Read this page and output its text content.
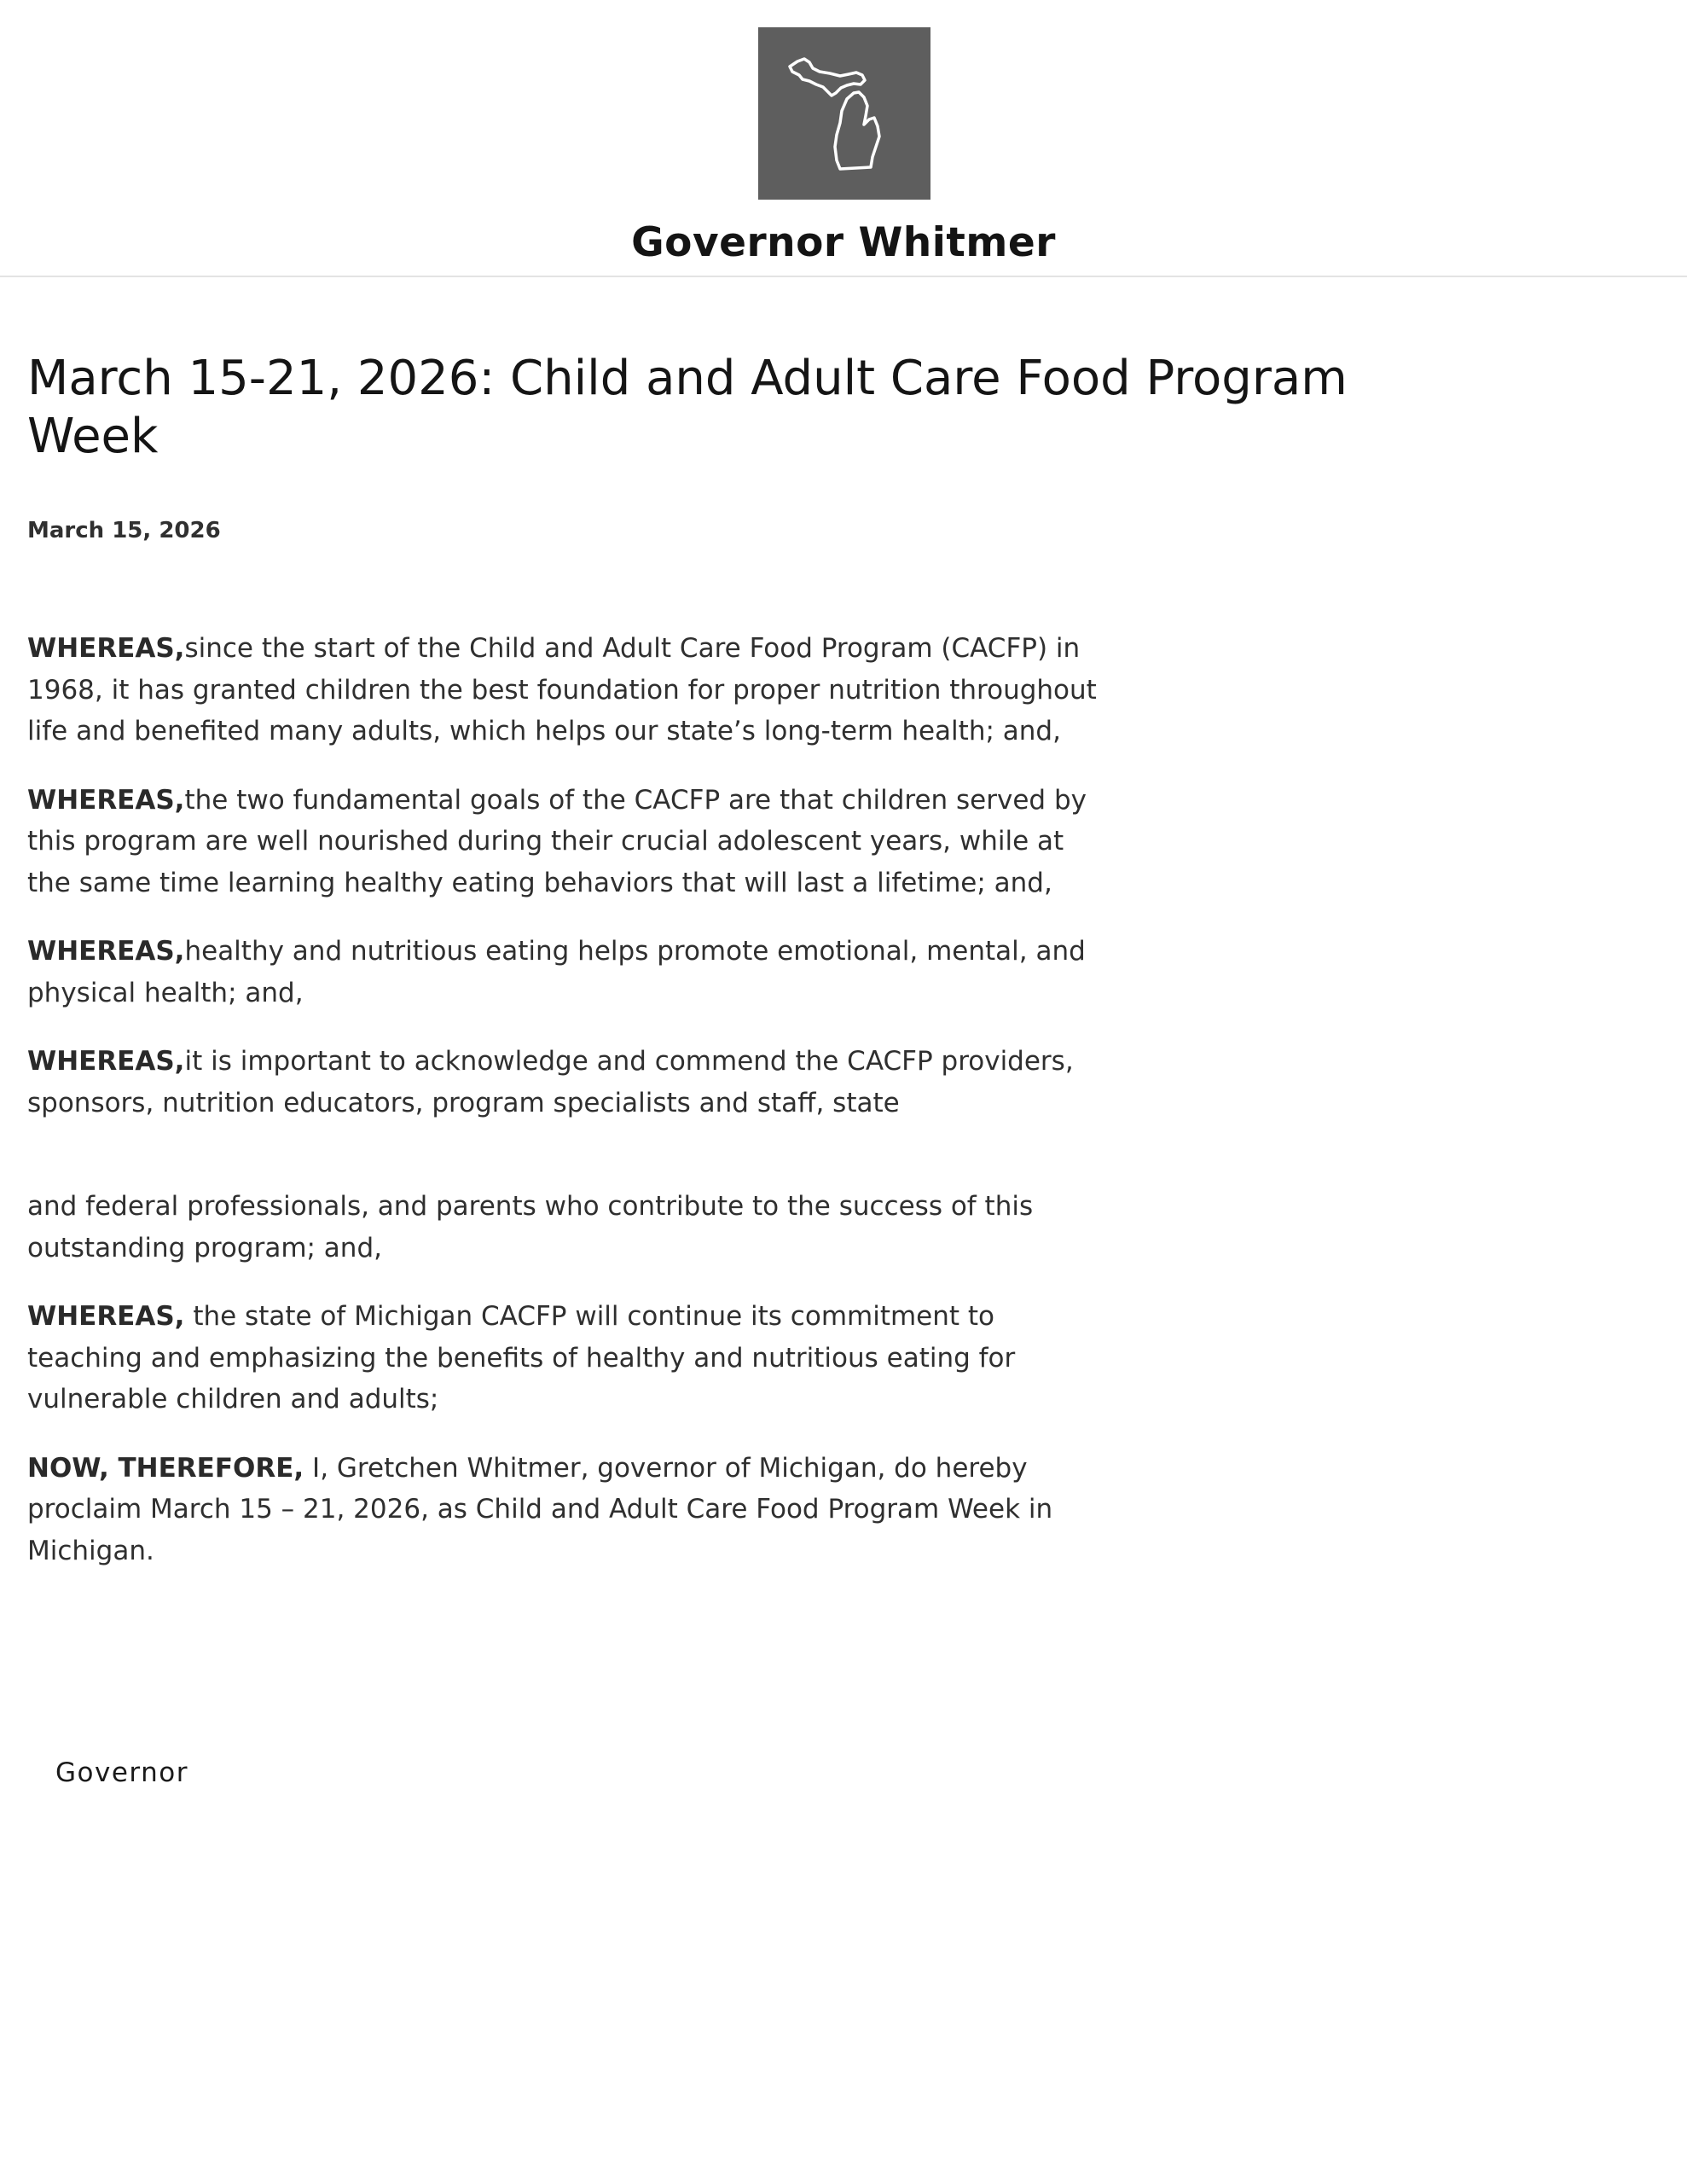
Governor Whitmer
March 15-21, 2026: Child and Adult Care Food Program Week
March 15, 2026

WHEREAS,since the start of the Child and Adult Care Food Program (CACFP) in 1968, it has granted children the best foundation for proper nutrition throughout life and benefited many adults, which helps our state’s long-term health; and,

WHEREAS,the two fundamental goals of the CACFP are that children served by this program are well nourished during their crucial adolescent years, while at the same time learning healthy eating behaviors that will last a lifetime; and,

WHEREAS,healthy and nutritious eating helps promote emotional, mental, and physical health; and,

WHEREAS,it is important to acknowledge and commend the CACFP providers, sponsors, nutrition educators, program specialists and staff, state

and federal professionals, and parents who contribute to the success of this outstanding program; and,

WHEREAS, the state of Michigan CACFP will continue its commitment to teaching and emphasizing the benefits of healthy and nutritious eating for vulnerable children and adults;

NOW, THEREFORE, I, Gretchen Whitmer, governor of Michigan, do hereby proclaim March 15 – 21, 2026, as Child and Adult Care Food Program Week in Michigan.

Governor
